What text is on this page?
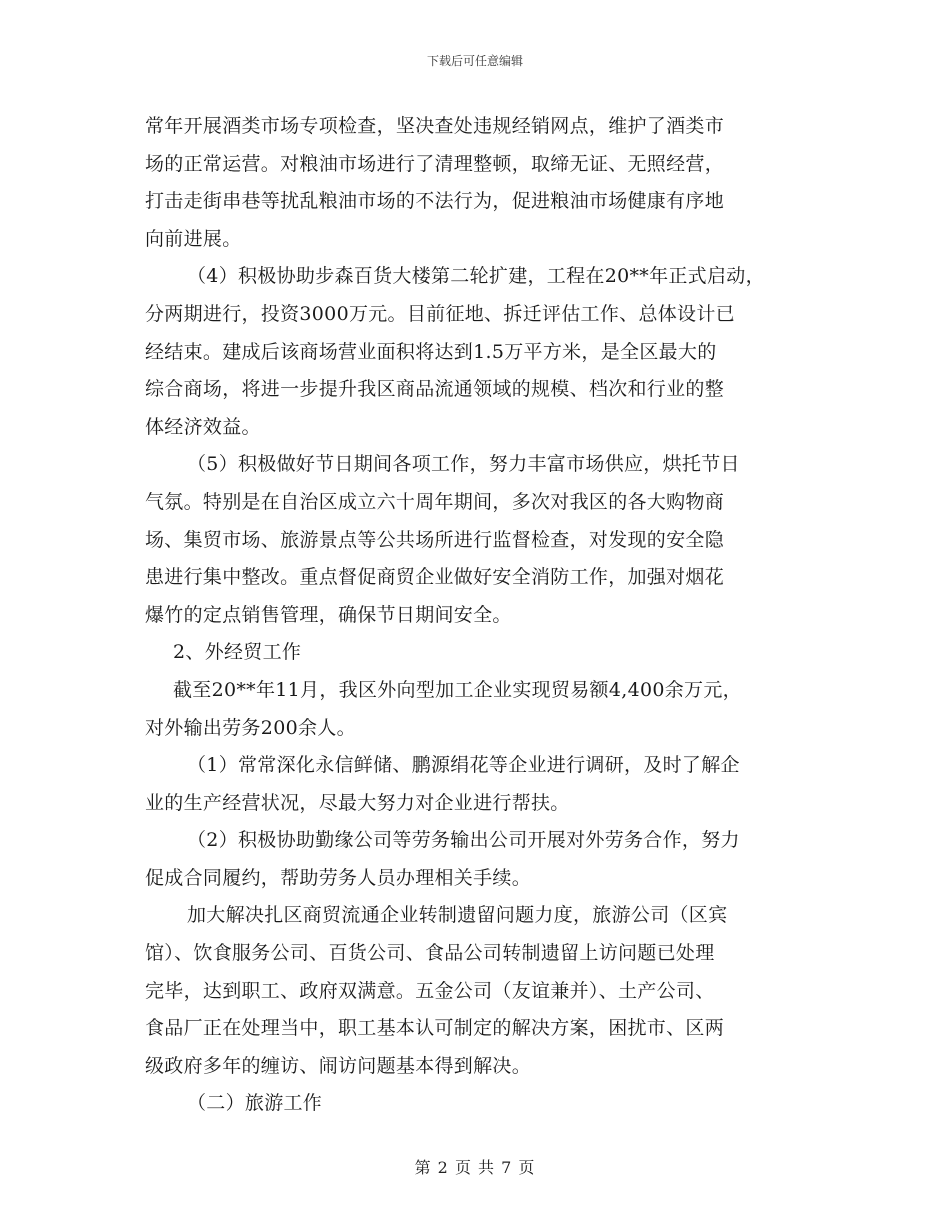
下载后可任意编辑
常年开展酒类市场专项检查，坚决查处违规经销网点，维护了酒类市
场的正常运营。对粮油市场进行了清理整顿，取缔无证、无照经营，
打击走街串巷等扰乱粮油市场的不法行为，促进粮油市场健康有序地
向前进展。
（4）积极协助步森百货大楼第二轮扩建，工程在20**年正式启动，
分两期进行，投资3000万元。目前征地、拆迁评估工作、总体设计已
经结束。建成后该商场营业面积将达到1.5万平方米，是全区最大的
综合商场，将进一步提升我区商品流通领域的规模、档次和行业的整
体经济效益。
（5）积极做好节日期间各项工作，努力丰富市场供应，烘托节日
气氛。特别是在自治区成立六十周年期间，多次对我区的各大购物商
场、集贸市场、旅游景点等公共场所进行监督检查，对发现的安全隐
患进行集中整改。重点督促商贸企业做好安全消防工作，加强对烟花
爆竹的定点销售管理，确保节日期间安全。
2、外经贸工作
截至20**年11月，我区外向型加工企业实现贸易额4,400余万元，
对外输出劳务200余人。
（1）常常深化永信鲜储、鹏源绢花等企业进行调研，及时了解企
业的生产经营状况，尽最大努力对企业进行帮扶。
（2）积极协助勤缘公司等劳务输出公司开展对外劳务合作，努力
促成合同履约，帮助劳务人员办理相关手续。
加大解决扎区商贸流通企业转制遗留问题力度，旅游公司（区宾
馆）、饮食服务公司、百货公司、食品公司转制遗留上访问题已处理
完毕，达到职工、政府双满意。五金公司（友谊兼并）、土产公司、
食品厂正在处理当中，职工基本认可制定的解决方案，困扰市、区两
级政府多年的缠访、闹访问题基本得到解决。
（二）旅游工作
第 2 页 共 7 页
